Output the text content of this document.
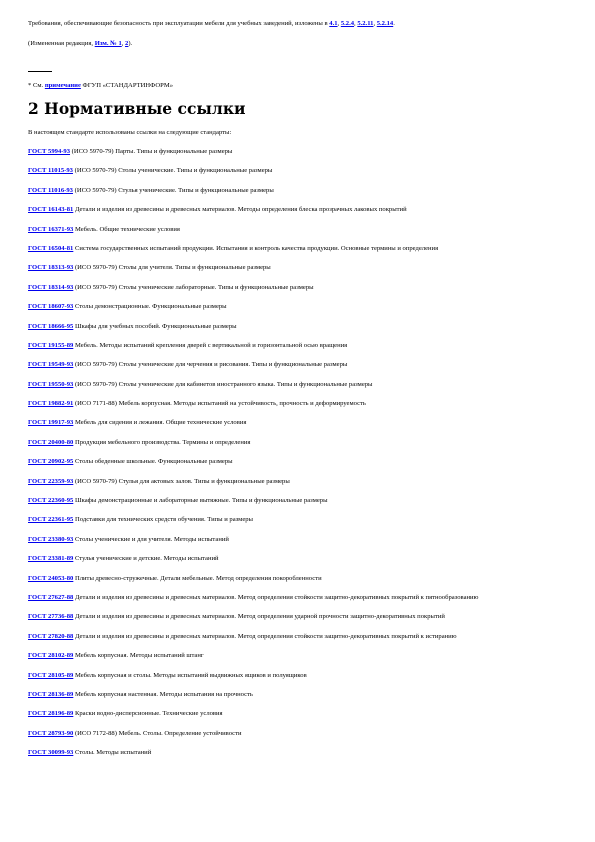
Требования, обеспечивающие безопасность при эксплуатации мебели для учебных заведений, изложены в 4.1, 5.2.4, 5.2.11, 5.2.14.

(Измененная редакция, Изм. № 1, 2).

* См. примечание ФГУП «СТАНДАРТИНФОРМ»

2 Нормативные ссылки

В настоящем стандарте использованы ссылки на следующие стандарты:

ГОСТ 5994-93 (ИСО 5970-79) Парты. Типы и функциональные размеры

ГОСТ 11015-93 (ИСО 5970-79) Столы ученические. Типы и функциональные размеры

ГОСТ 11016-93 (ИСО 5970-79) Стулья ученические. Типы и функциональные размеры

ГОСТ 16143-81 Детали и изделия из древесины и древесных материалов. Методы определения блеска прозрачных лаковых покрытий

ГОСТ 16371-93 Мебель. Общие технические условия

ГОСТ 16504-81 Система государственных испытаний продукции. Испытания и контроль качества продукции. Основные термины и определения

ГОСТ 18313-93 (ИСО 5970-79) Столы для учителя. Типы и функциональные размеры

ГОСТ 18314-93 (ИСО 5970-79) Столы ученические лабораторные. Типы и функциональные размеры

ГОСТ 18607-93 Столы демонстрационные. Функциональные размеры

ГОСТ 18666-95 Шкафы для учебных пособий. Функциональные размеры

ГОСТ 19155-89 Мебель. Методы испытаний крепления дверей с вертикальной и горизонтальной осью вращения

ГОСТ 19549-93 (ИСО 5970-79) Столы ученические для черчения и рисования. Типы и функциональные размеры

ГОСТ 19550-93 (ИСО 5970-79) Столы ученические для кабинетов иностранного языка. Типы и функциональные размеры

ГОСТ 19882-91 (ИСО 7171-88) Мебель корпусная. Методы испытаний на устойчивость, прочность и деформируемость

ГОСТ 19917-93 Мебель для сидения и лежания. Общие технические условия

ГОСТ 20400-80 Продукция мебельного производства. Термины и определения

ГОСТ 20902-95 Столы обеденные школьные. Функциональные размеры

ГОСТ 22359-93 (ИСО 5970-79) Стулья для актовых залов. Типы и функциональные размеры

ГОСТ 22360-95 Шкафы демонстрационные и лабораторные вытяжные. Типы и функциональные размеры

ГОСТ 22361-95 Подставки для технических средств обучения. Типы и размеры

ГОСТ 23380-93 Столы ученические и для учителя. Методы испытаний

ГОСТ 23381-89 Стулья ученические и детские. Методы испытаний

ГОСТ 24053-80 Плиты древесно-стружечные. Детали мебельные. Метод определения покоробленности

ГОСТ 27627-88 Детали и изделия из древесины и древесных материалов. Метод определения стойкости защитно-декоративных покрытий к пятнообразованию

ГОСТ 27736-88 Детали и изделия из древесины и древесных материалов. Метод определения ударной прочности защитно-декоративных покрытий

ГОСТ 27820-88 Детали и изделия из древесины и древесных материалов. Метод определения стойкости защитно-декоративных покрытий к истиранию

ГОСТ 28102-89 Мебель корпусная. Методы испытаний штанг

ГОСТ 28105-89 Мебель корпусная и столы. Методы испытаний выдвижных ящиков и полуящиков

ГОСТ 28136-89 Мебель корпусная настенная. Методы испытания на прочность

ГОСТ 28196-89 Краски водно-дисперсионные. Технические условия

ГОСТ 28793-90 (ИСО 7172-88) Мебель. Столы. Определение устойчивости

ГОСТ 30099-93 Столы. Методы испытаний
